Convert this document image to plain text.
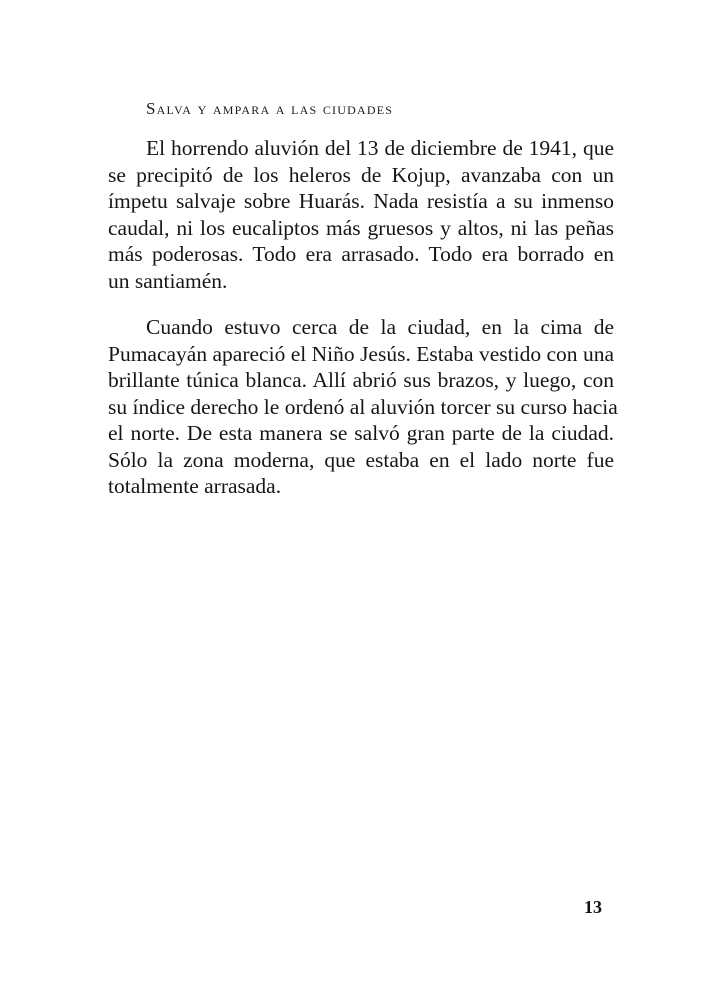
Salva y ampara a las ciudades
El horrendo aluvión del 13 de diciembre de 1941, que
se precipitó de los heleros de Kojup, avanzaba con un
ímpetu salvaje sobre Huarás. Nada resistía a su inmenso
caudal, ni los eucaliptos más gruesos y altos, ni las peñas
más poderosas. Todo era arrasado. Todo era borrado en
un santiamén.
Cuando estuvo cerca de la ciudad, en la cima de
Pumacayán apareció el Niño Jesús. Estaba vestido con una
brillante túnica blanca. Allí abrió sus brazos, y luego, con
su índice derecho le ordenó al aluvión torcer su curso hacia
el norte. De esta manera se salvó gran parte de la ciudad.
Sólo la zona moderna, que estaba en el lado norte fue
totalmente arrasada.

13
